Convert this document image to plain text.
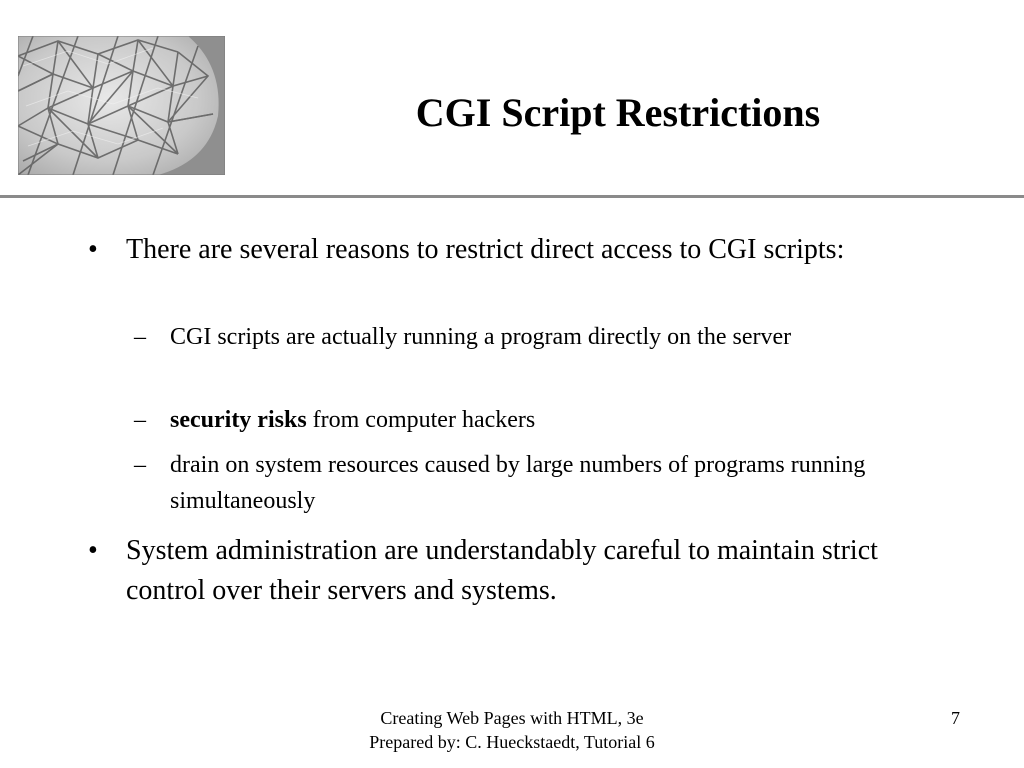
CGI Script Restrictions
• There are several reasons to restrict direct access to CGI scripts:
– CGI scripts are actually running a program directly on the server
– security risks from computer hackers
– drain on system resources caused by large numbers of programs running simultaneously
• System administration are understandably careful to maintain strict control over their servers and systems.
Creating Web Pages with HTML, 3e
Prepared by: C. Hueckstaedt, Tutorial 6
7
